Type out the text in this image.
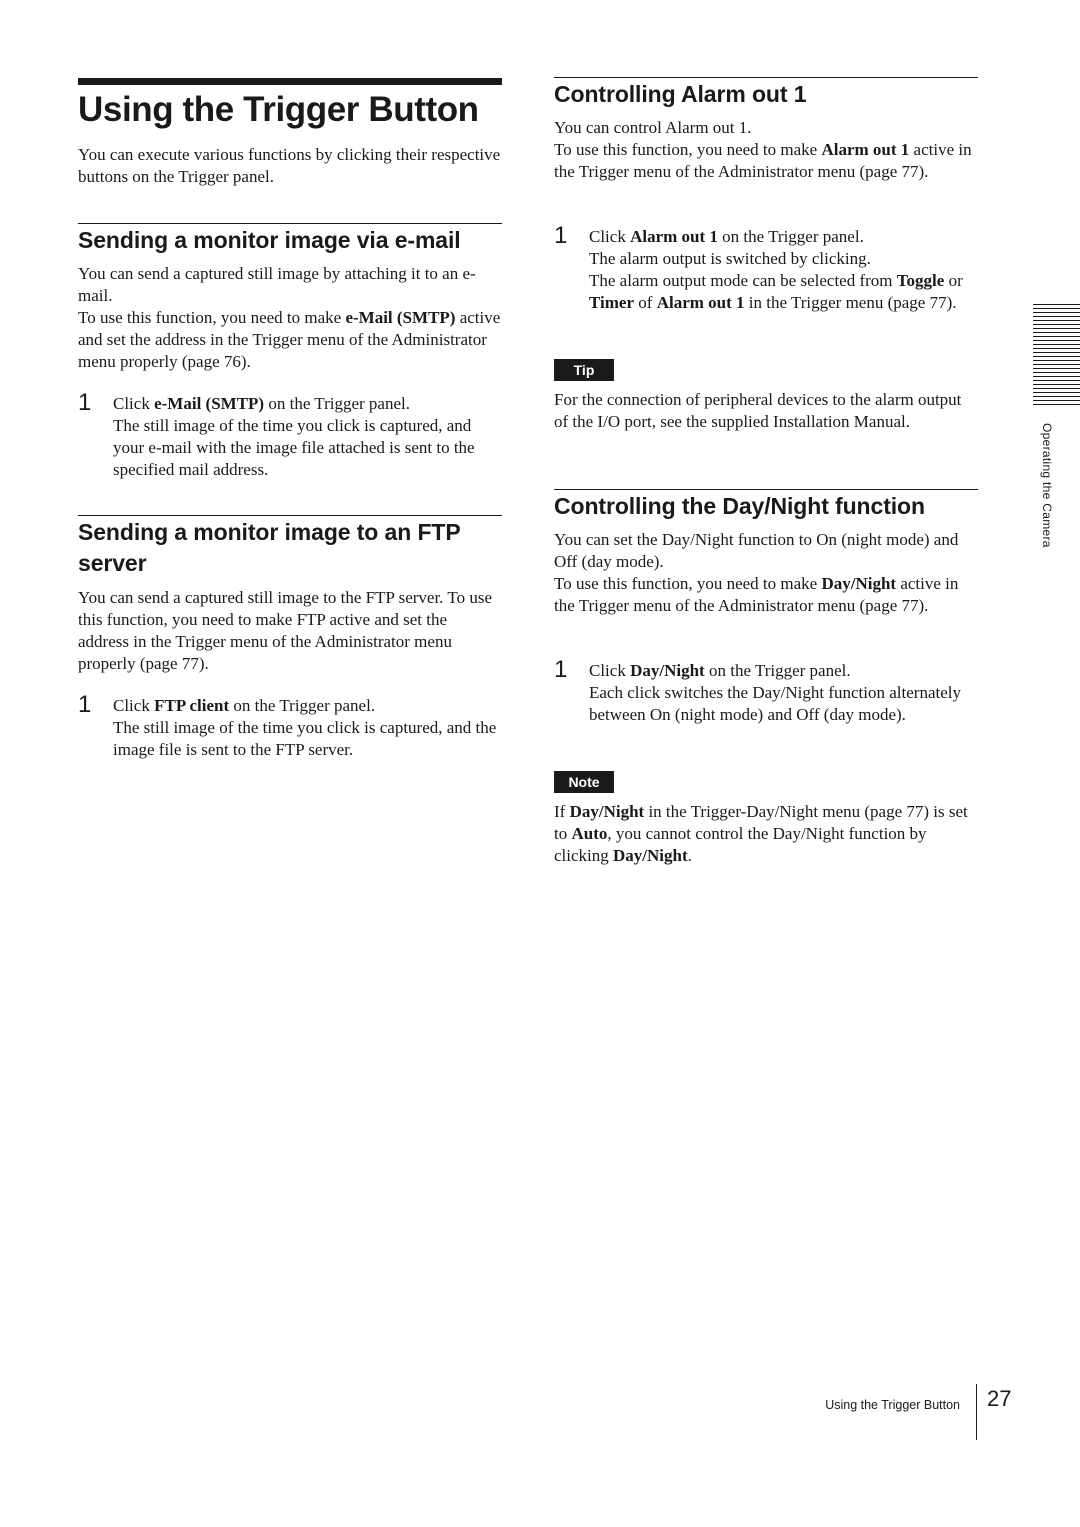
Using the Trigger Button

You can execute various functions by clicking their respective buttons on the Trigger panel.

Sending a monitor image via e-mail

You can send a captured still image by attaching it to an e-mail.

To use this function, you need to make e-Mail (SMTP) active and set the address in the Trigger menu of the Administrator menu properly (page 76).

1 Click e-Mail (SMTP) on the Trigger panel.

The still image of the time you click is captured, and your e-mail with the image file attached is sent to the specified mail address.

Sending a monitor image to an FTP server

You can send a captured still image to the FTP server. To use this function, you need to make FTP active and set the address in the Trigger menu of the Administrator menu properly (page 77).

1 Click FTP client on the Trigger panel.

The still image of the time you click is captured, and the image file is sent to the FTP server.

Controlling Alarm out 1

You can control Alarm out 1.

To use this function, you need to make Alarm out 1 active in the Trigger menu of the Administrator menu (page 77).

1 Click Alarm out 1 on the Trigger panel.

The alarm output is switched by clicking.

The alarm output mode can be selected from Toggle or Timer of Alarm out 1 in the Trigger menu (page 77).

Tip

For the connection of peripheral devices to the alarm output of the I/O port, see the supplied Installation Manual.

Controlling the Day/Night function

You can set the Day/Night function to On (night mode) and Off (day mode).

To use this function, you need to make Day/Night active in the Trigger menu of the Administrator menu (page 77).

1 Click Day/Night on the Trigger panel.

Each click switches the Day/Night function alternately between On (night mode) and Off (day mode).

Note

If Day/Night in the Trigger-Day/Night menu (page 77) is set to Auto, you cannot control the Day/Night function by clicking Day/Night.

Operating the Camera
Using the Trigger Button 27
